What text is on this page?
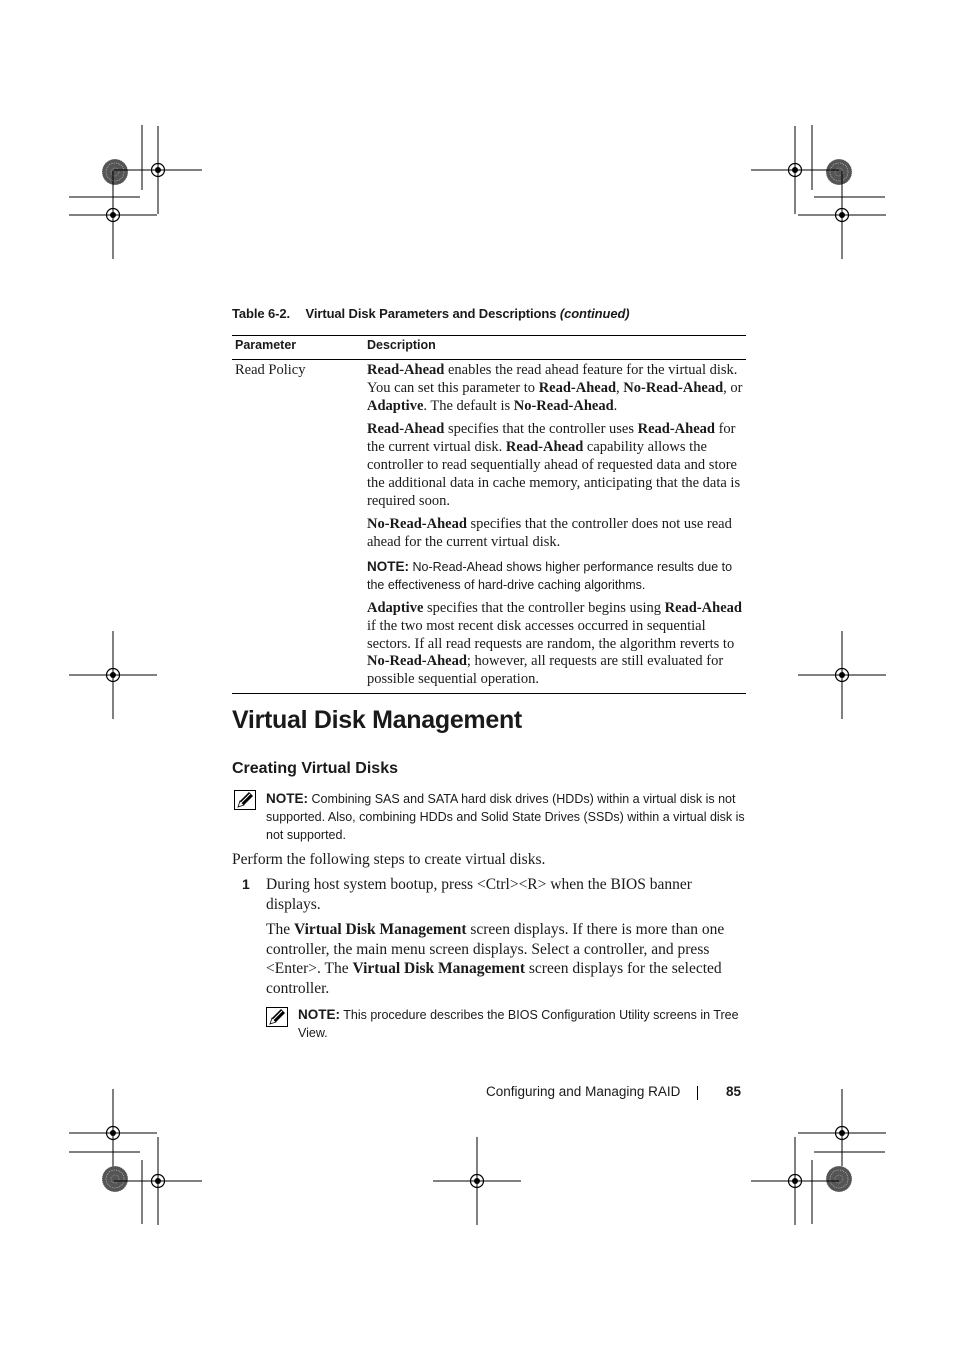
Table 6-2. Virtual Disk Parameters and Descriptions (continued)
Parameter	Description
Read Policy	Read-Ahead enables the read ahead feature for the virtual disk. You can set this parameter to Read-Ahead, No-Read-Ahead, or Adaptive. The default is No-Read-Ahead.

Read-Ahead specifies that the controller uses Read-Ahead for the current virtual disk. Read-Ahead capability allows the controller to read sequentially ahead of requested data and store the additional data in cache memory, anticipating that the data is required soon.

No-Read-Ahead specifies that the controller does not use read ahead for the current virtual disk.

NOTE: No-Read-Ahead shows higher performance results due to the effectiveness of hard-drive caching algorithms.

Adaptive specifies that the controller begins using Read-Ahead if the two most recent disk accesses occurred in sequential sectors. If all read requests are random, the algorithm reverts to No-Read-Ahead; however, all requests are still evaluated for possible sequential operation.

Virtual Disk Management
Creating Virtual Disks
NOTE: Combining SAS and SATA hard disk drives (HDDs) within a virtual disk is not supported. Also, combining HDDs and Solid State Drives (SSDs) within a virtual disk is not supported.
Perform the following steps to create virtual disks.
1 During host system bootup, press <Ctrl><R> when the BIOS banner displays.
The Virtual Disk Management screen displays. If there is more than one controller, the main menu screen displays. Select a controller, and press <Enter>. The Virtual Disk Management screen displays for the selected controller.
NOTE: This procedure describes the BIOS Configuration Utility screens in Tree View.
Configuring and Managing RAID	85
